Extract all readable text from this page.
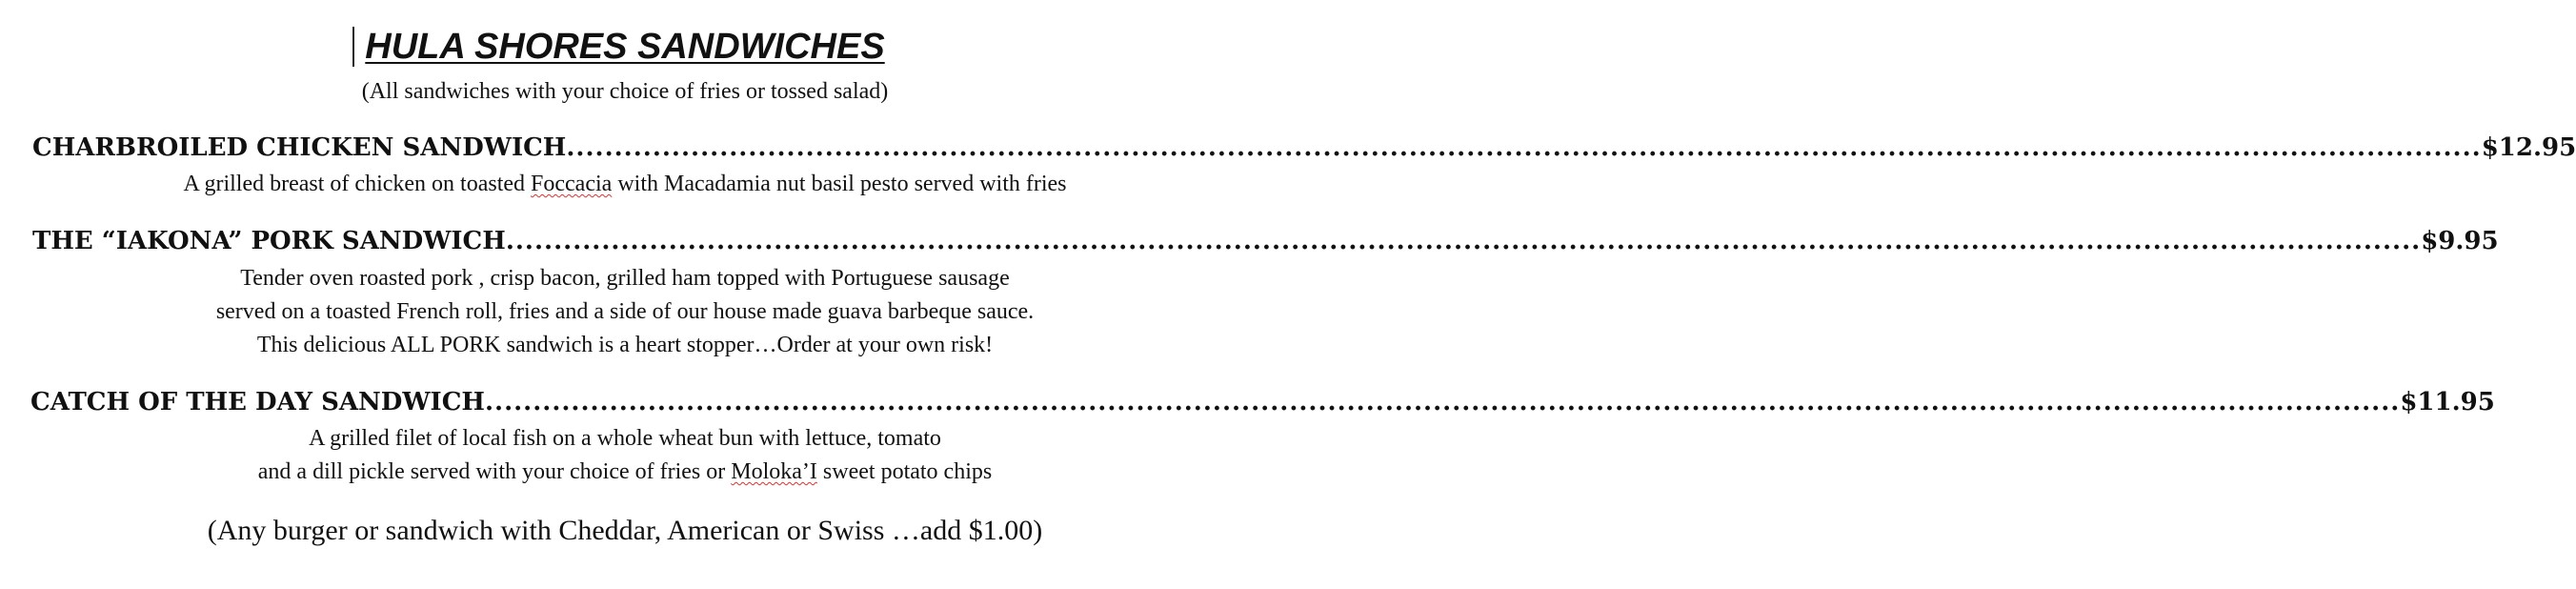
HULA SHORES SANDWICHES
(All sandwiches with your choice of fries or tossed salad)
CHARBROILED CHICKEN SANDWICH ........................................................................................................................................................................................................ $12.95
A grilled breast of chicken on toasted Foccacia with Macadamia nut basil pesto served with fries
THE “IAKONA” PORK SANDWICH ........................................................................................................................................................................................................ $9.95
Tender oven roasted pork , crisp bacon, grilled ham topped with Portuguese sausage
served on a toasted French roll, fries and a side of our house made guava barbeque sauce.
This delicious ALL PORK sandwich is a heart stopper…Order at your own risk!
CATCH OF THE DAY SANDWICH ........................................................................................................................................................................................................ $11.95
A grilled filet of local fish on a whole wheat bun with lettuce, tomato
and a dill pickle served with your choice of fries or Moloka’I sweet potato chips
(Any burger or sandwich with Cheddar, American or Swiss …add $1.00)
